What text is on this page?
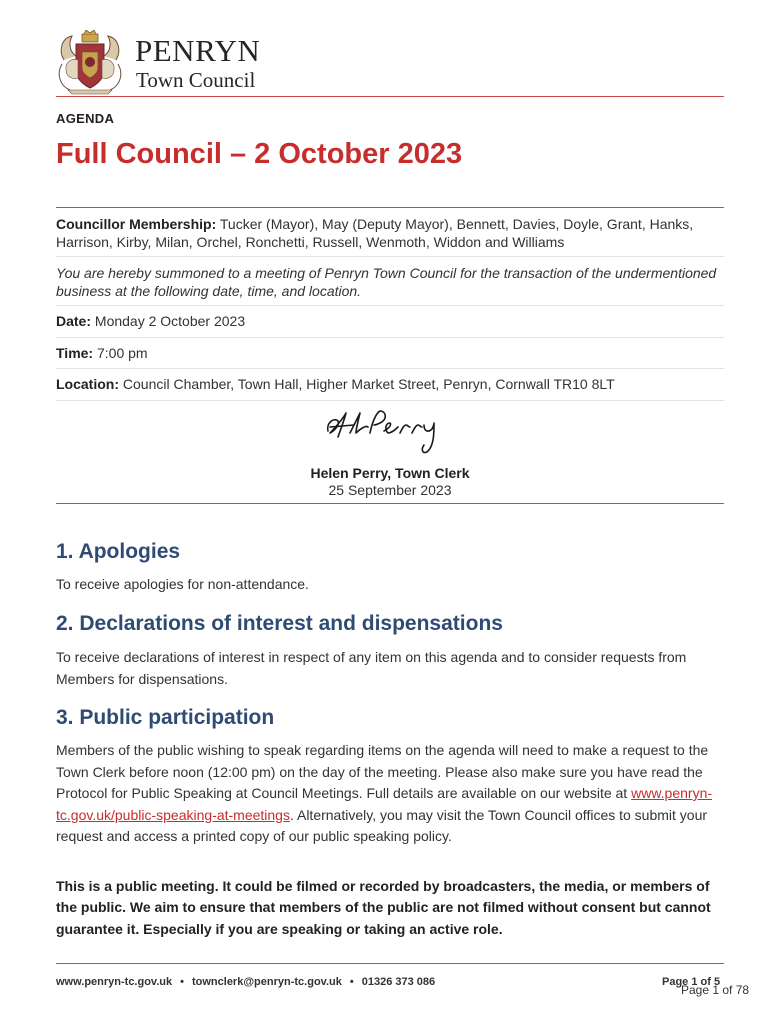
PENRYN
Town Council
AGENDA
Full Council – 2 October 2023
Councillor Membership: Tucker (Mayor), May (Deputy Mayor), Bennett, Davies, Doyle, Grant, Hanks, Harrison, Kirby, Milan, Orchel, Ronchetti, Russell, Wenmoth, Widdon and Williams
You are hereby summoned to a meeting of Penryn Town Council for the transaction of the undermentioned business at the following date, time, and location.
Date: Monday 2 October 2023
Time: 7:00 pm
Location: Council Chamber, Town Hall, Higher Market Street, Penryn, Cornwall TR10 8LT
Helen Perry, Town Clerk
25 September 2023
1. Apologies
To receive apologies for non-attendance.
2. Declarations of interest and dispensations
To receive declarations of interest in respect of any item on this agenda and to consider requests from Members for dispensations.
3. Public participation
Members of the public wishing to speak regarding items on the agenda will need to make a request to the Town Clerk before noon (12:00 pm) on the day of the meeting. Please also make sure you have read the Protocol for Public Speaking at Council Meetings. Full details are available on our website at www.penryn-tc.gov.uk/public-speaking-at-meetings. Alternatively, you may visit the Town Council offices to submit your request and access a printed copy of our public speaking policy.
This is a public meeting. It could be filmed or recorded by broadcasters, the media, or members of the public. We aim to ensure that members of the public are not filmed without consent but cannot guarantee it. Especially if you are speaking or taking an active role.
www.penryn-tc.gov.uk • townclerk@penryn-tc.gov.uk • 01326 373 086	Page 1 of 5
Page 1 of 78
